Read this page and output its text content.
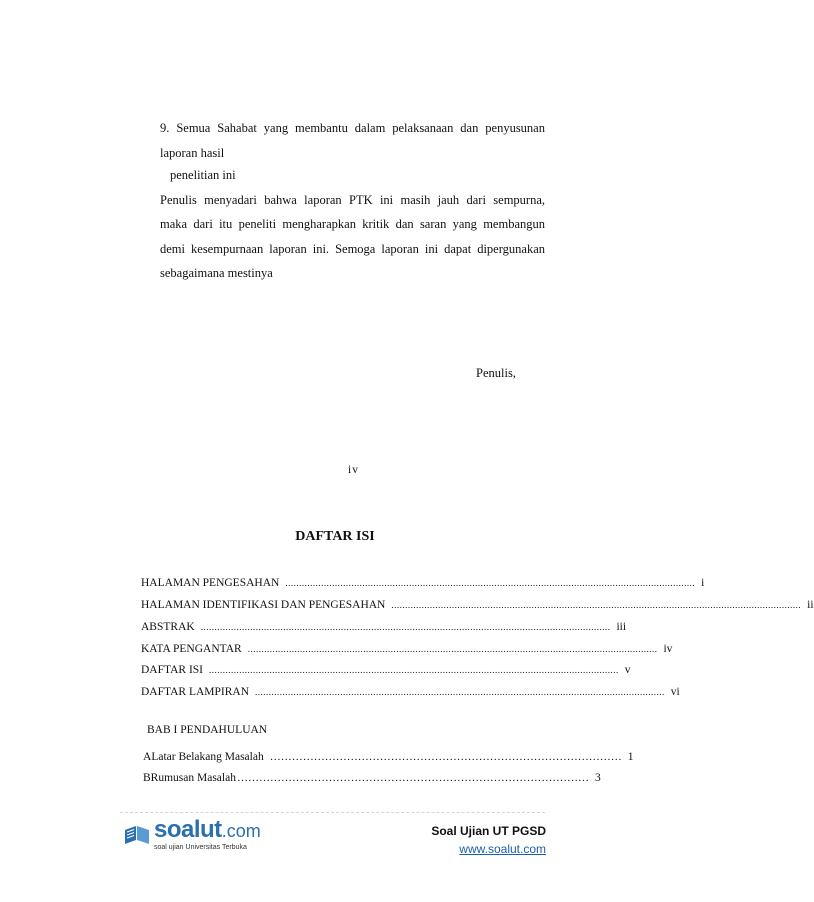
9. Semua Sahabat yang membantu dalam pelaksanaan dan penyusunan
laporan hasil
penelitian ini
Penulis menyadari bahwa laporan PTK ini masih jauh dari sempurna,
maka dari itu peneliti mengharapkan kritik dan saran yang membangun
demi kesempurnaan laporan ini. Semoga laporan ini dapat dipergunakan
sebagaimana mestinya
Penulis,
iv
DAFTAR ISI
HALAMAN PENGESAHAN ..................................................................................................................................................... i
HALAMAN IDENTIFIKASI DAN PENGESAHAN ..................................................................................................................................................... ii
ABSTRAK ..................................................................................................................................................... iii
KATA PENGANTAR ..................................................................................................................................................... iv
DAFTAR ISI ..................................................................................................................................................... v
DAFTAR LAMPIRAN ..................................................................................................................................................... vi
BAB I PENDAHULUAN
A Latar Belakang Masalah …………………………………………………………………………………… 1
B Rumusan Masalah …………………………………………………………………………………… 3
soalut.com
soal ujian Universitas Terbuka
Soal Ujian UT PGSD
www.soalut.com
